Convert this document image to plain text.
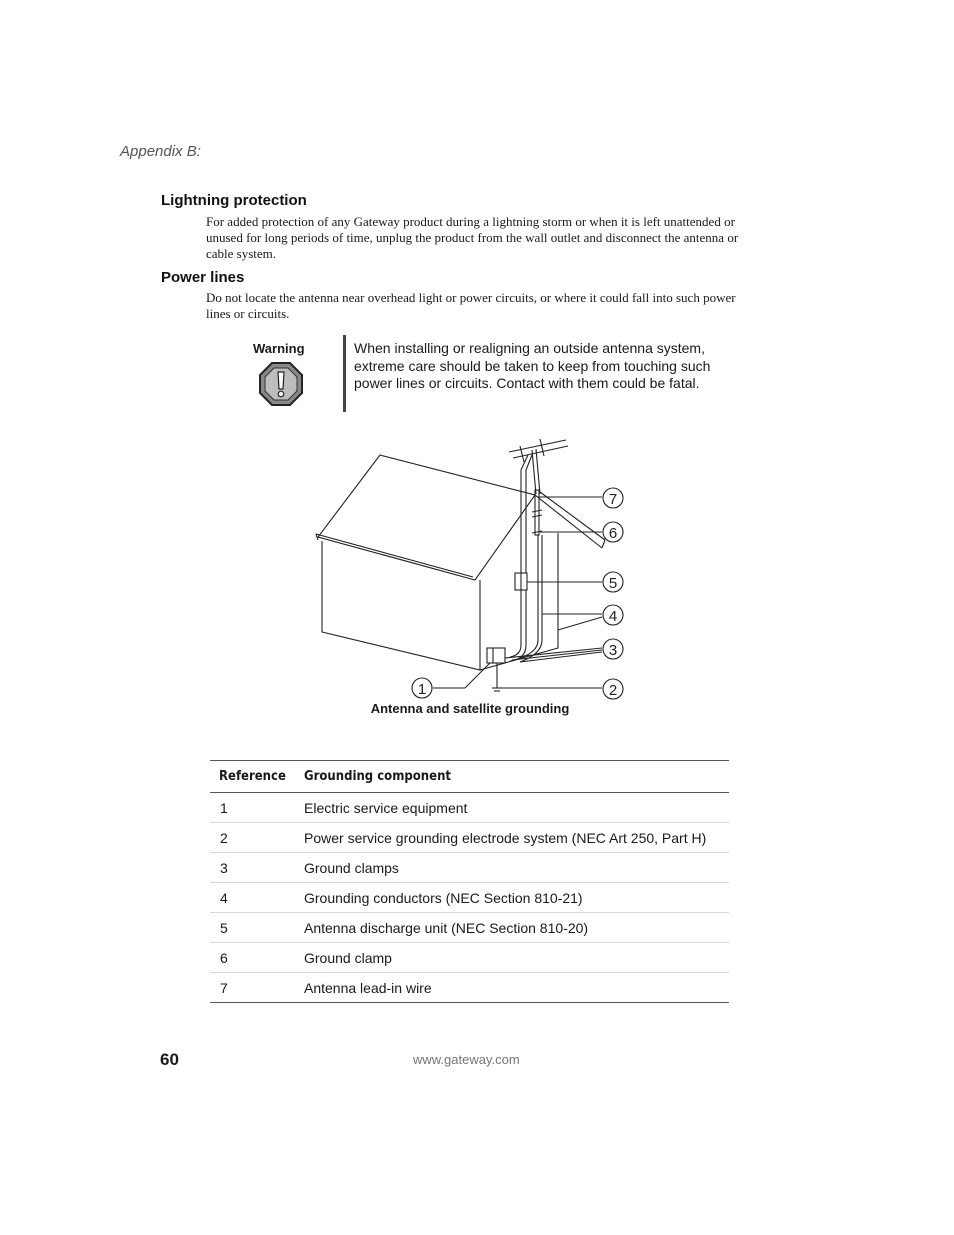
Appendix B:
Lightning protection
For added protection of any Gateway product during a lightning storm or when it is left unattended or unused for long periods of time, unplug the product from the wall outlet and disconnect the antenna or cable system.
Power lines
Do not locate the antenna near overhead light or power circuits, or where it could fall into such power lines or circuits.
Warning	When installing or realigning an outside antenna system, extreme care should be taken to keep from touching such power lines or circuits. Contact with them could be fatal.
7
6
5
4
3
2
1
Antenna and satellite grounding
Reference	Grounding component
1	Electric service equipment
2	Power service grounding electrode system (NEC Art 250, Part H)
3	Ground clamps
4	Grounding conductors (NEC Section 810-21)
5	Antenna discharge unit (NEC Section 810-20)
6	Ground clamp
7	Antenna lead-in wire
60	www.gateway.com
